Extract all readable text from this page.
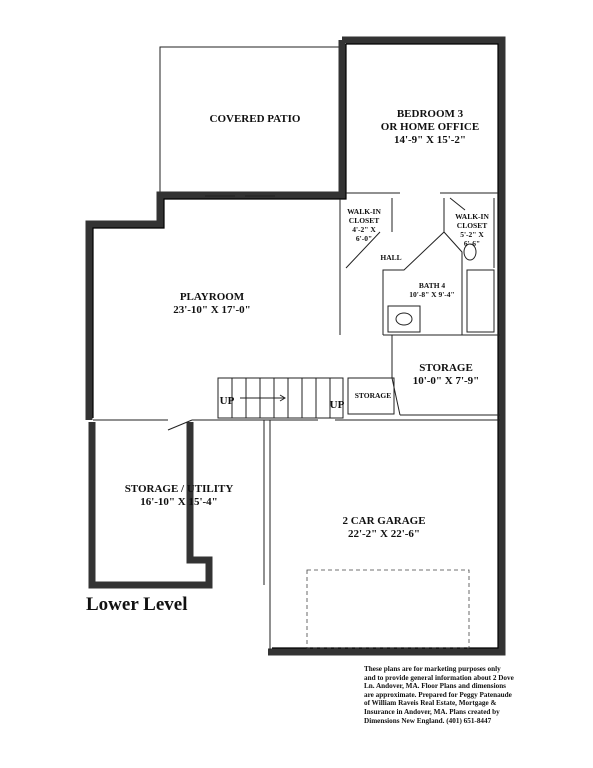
COVERED PATIO	BEDROOM 3
OR HOME OFFICE
14'-9" X 15'-2"
WALK-IN
CLOSET
4'-2" X
6'-0"
WALK-IN
CLOSET
5'-2" X
6'-6"
HALL
BATH 4
10'-8" X 9'-4"
PLAYROOM
23'-10" X 17'-0"
STORAGE
10'-0" X 7'-9"
STORAGE
UP	UP
STORAGE / UTILITY
16'-10" X 15'-4"
2 CAR GARAGE
22'-2" X 22'-6"
Lower Level
These plans are for marketing purposes only and to provide general information about 2 Dove Ln. Andover, MA. Floor Plans and dimensions are approximate. Prepared for Peggy Patenaude of William Raveis Real Estate, Mortgage & Insurance in Andover, MA. Plans created by Dimensions New England. (401) 651-8447
